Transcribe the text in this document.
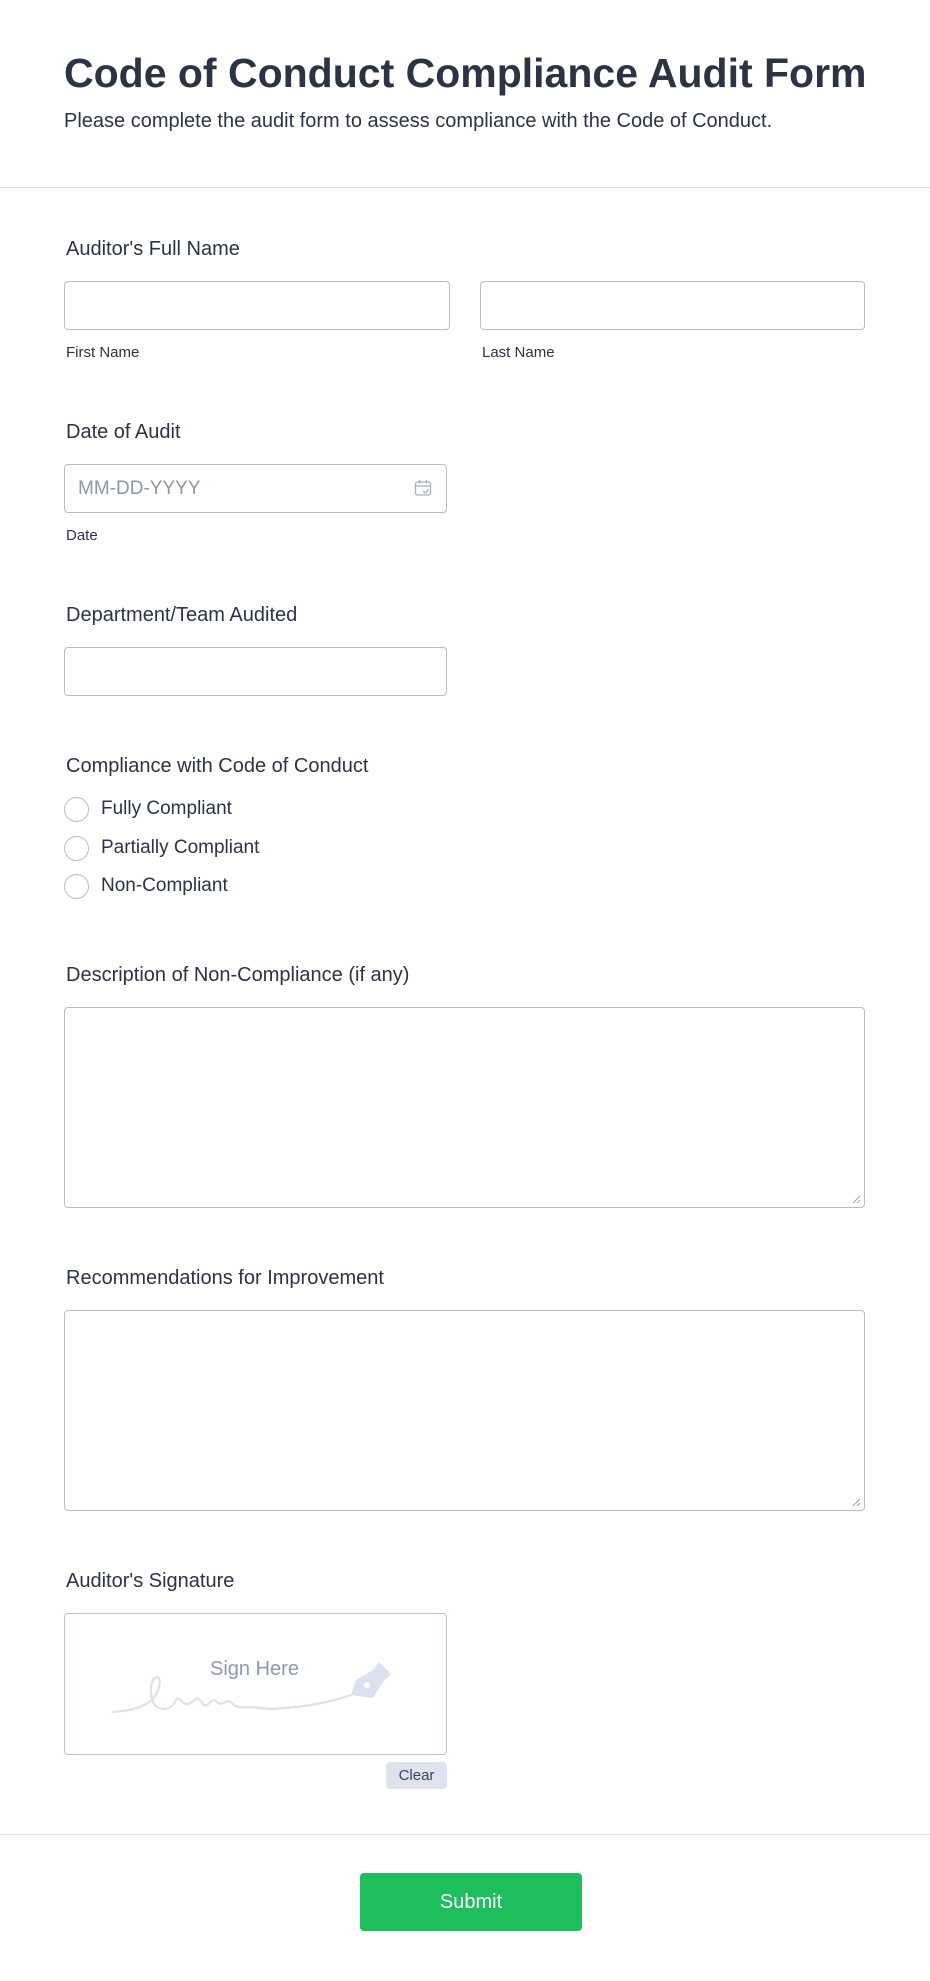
Code of Conduct Compliance Audit Form

Please complete the audit form to assess compliance with the Code of Conduct.

Auditor's Full Name
First Name	Last Name
Date of Audit
MM-DD-YYYY
Date
Department/Team Audited
Compliance with Code of Conduct
Fully Compliant
Partially Compliant
Non-Compliant
Description of Non-Compliance (if any)
Recommendations for Improvement
Auditor's Signature
Sign Here
Clear
Submit
